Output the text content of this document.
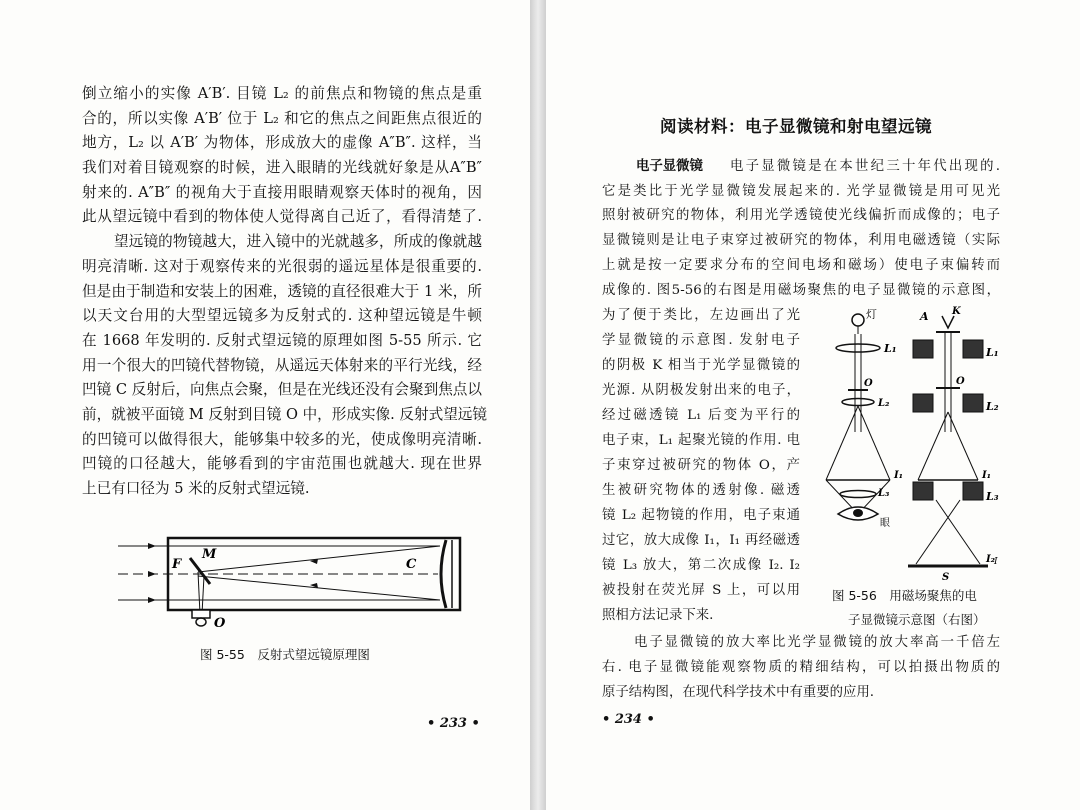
倒立缩小的实像 A′B′. 目镜 L₂ 的前焦点和物镜的焦点是重
合的，所以实像 A′B′ 位于 L₂ 和它的焦点之间距焦点很近的
地方，L₂ 以 A′B′ 为物体，形成放大的虚像 A″B″. 这样，当
我们对着目镜观察的时候，进入眼睛的光线就好象是从A″B″
射来的. A″B″ 的视角大于直接用眼睛观察天体时的视角，因
此从望远镜中看到的物体使人觉得离自己近了，看得清楚了.
望远镜的物镜越大，进入镜中的光就越多，所成的像就越
明亮清晰. 这对于观察传来的光很弱的遥远星体是很重要的.
但是由于制造和安装上的困难，透镜的直径很难大于 1 米，所
以天文台用的大型望远镜多为反射式的. 这种望远镜是牛顿
在 1668 年发明的. 反射式望远镜的原理如图 5-55 所示. 它
用一个很大的凹镜代替物镜，从遥远天体射来的平行光线，经
凹镜 C 反射后，向焦点会聚，但是在光线还没有会聚到焦点以
前，就被平面镜 M 反射到目镜 O 中，形成实像. 反射式望远镜
的凹镜可以做得很大，能够集中较多的光，使成像明亮清晰.
凹镜的口径越大，能够看到的宇宙范围也就越大. 现在世界
上已有口径为 5 米的反射式望远镜.
F
M
C
O
图 5-55　反射式望远镜原理图
• 233 •
阅读材料：电子显微镜和射电望远镜
电子显微镜 电子显微镜是在本世纪三十年代出现的.
它是类比于光学显微镜发展起来的. 光学显微镜是用可见光
照射被研究的物体，利用光学透镜使光线偏折而成像的；电子
显微镜则是让电子束穿过被研究的物体，利用电磁透镜（实际
上就是按一定要求分布的空间电场和磁场）使电子束偏转而
成像的. 图5-56的右图是用磁场聚焦的电子显微镜的示意图，
为了便于类比，左边画出了光
学显微镜的示意图. 发射电子
的阴极 K 相当于光学显微镜的
光源. 从阴极发射出来的电子，
经过磁透镜 L₁ 后变为平行的
电子束，L₁ 起聚光镜的作用. 电
子束穿过被研究的物体 O，产
生被研究物体的透射像. 磁透
镜 L₂ 起物镜的作用，电子束通
过它，放大成像 I₁，I₁ 再经磁透
镜 L₃ 放大，第二次成像 I₂. I₂
被投射在荧光屏 S 上，可以用
照相方法记录下来.
灯	A K
L₁	L₁
O	O
L₂	L₂
I₁	I₁
L₃	L₃
眼
I₂
S
I
图 5-56　用磁场聚焦的电
子显微镜示意图（右图）
电子显微镜的放大率比光学显微镜的放大率高一千倍左
右. 电子显微镜能观察物质的精细结构，可以拍摄出物质的
原子结构图，在现代科学技术中有重要的应用.
• 234 •
